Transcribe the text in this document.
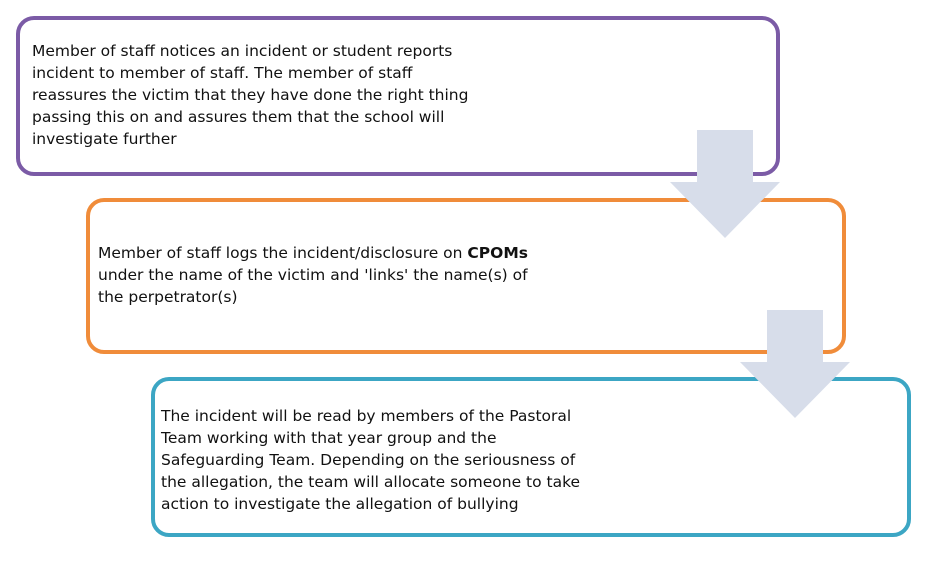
Member of staff notices an incident or student reports
incident to member of staff. The member of staff
reassures the victim that they have done the right thing
passing this on and assures them that the school will
investigate further
Member of staff logs the incident/disclosure on CPOMs
under the name of the victim and 'links' the name(s) of
the perpetrator(s)
The incident will be read by members of the Pastoral
Team working with that year group and the
Safeguarding Team. Depending on the seriousness of
the allegation, the team will allocate someone to take
action to investigate the allegation of bullying
